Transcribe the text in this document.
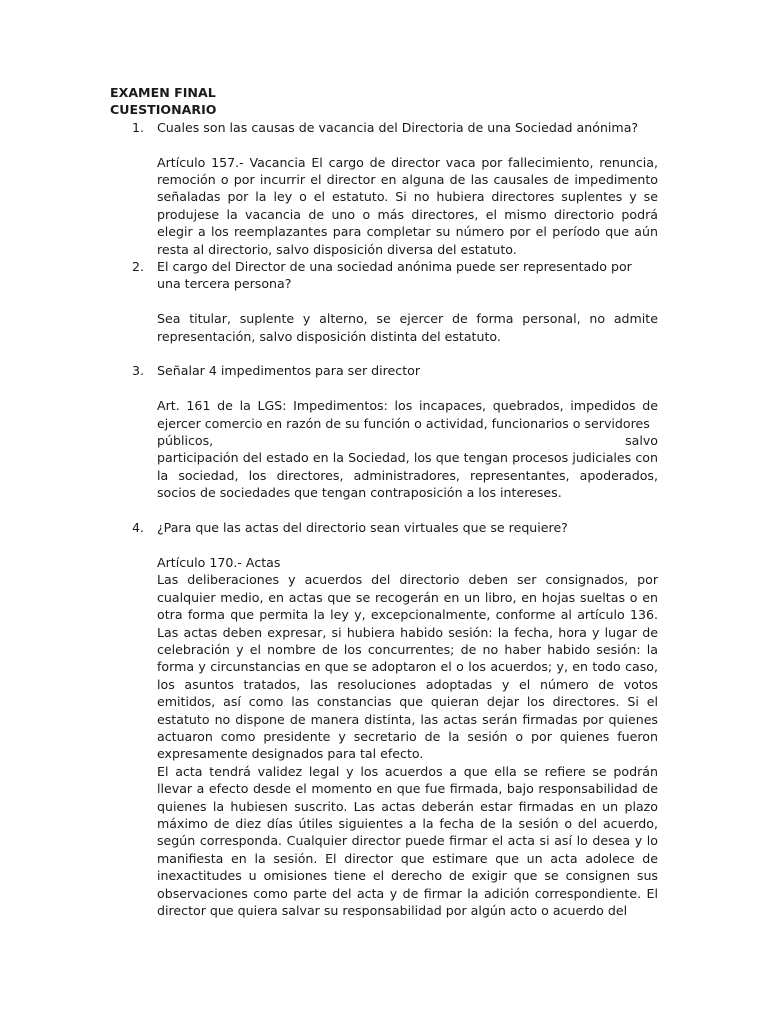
EXAMEN FINAL

CUESTIONARIO

1. Cuales son las causas de vacancia del Directoria de una Sociedad anónima?

Artículo 157.- Vacancia El cargo de director vaca por fallecimiento, renuncia, remoción o por incurrir el director en alguna de las causales de impedimento señaladas por la ley o el estatuto. Si no hubiera directores suplentes y se produjese la vacancia de uno o más directores, el mismo directorio podrá elegir a los reemplazantes para completar su número por el período que aún resta al directorio, salvo disposición diversa del estatuto.

2. El cargo del Director de una sociedad anónima puede ser representado por una tercera persona?

Sea titular, suplente y alterno, se ejercer de forma personal, no admite representación, salvo disposición distinta del estatuto.

3. Señalar 4 impedimentos para ser director

Art. 161 de la LGS: Impedimentos: los incapaces, quebrados, impedidos de ejercer comercio en razón de su función o actividad, funcionarios o servidores

públicos,	salvo

participación del estado en la Sociedad, los que tengan procesos judiciales con la sociedad, los directores, administradores, representantes, apoderados, socios de sociedades que tengan contraposición a los intereses.

4. ¿Para que las actas del directorio sean virtuales que se requiere?

Artículo 170.- Actas

Las deliberaciones y acuerdos del directorio deben ser consignados, por cualquier medio, en actas que se recogerán en un libro, en hojas sueltas o en otra forma que permita la ley y, excepcionalmente, conforme al artículo 136. Las actas deben expresar, si hubiera habido sesión: la fecha, hora y lugar de celebración y el nombre de los concurrentes; de no haber habido sesión: la forma y circunstancias en que se adoptaron el o los acuerdos; y, en todo caso, los asuntos tratados, las resoluciones adoptadas y el número de votos emitidos, así como las constancias que quieran dejar los directores. Si el estatuto no dispone de manera distinta, las actas serán firmadas por quienes actuaron como presidente y secretario de la sesión o por quienes fueron expresamente designados para tal efecto.

El acta tendrá validez legal y los acuerdos a que ella se refiere se podrán llevar a efecto desde el momento en que fue firmada, bajo responsabilidad de quienes la hubiesen suscrito. Las actas deberán estar firmadas en un plazo máximo de diez días útiles siguientes a la fecha de la sesión o del acuerdo, según corresponda. Cualquier director puede firmar el acta si así lo desea y lo manifiesta en la sesión. El director que estimare que un acta adolece de inexactitudes u omisiones tiene el derecho de exigir que se consignen sus observaciones como parte del acta y de firmar la adición correspondiente. El director que quiera salvar su responsabilidad por algún acto o acuerdo del
